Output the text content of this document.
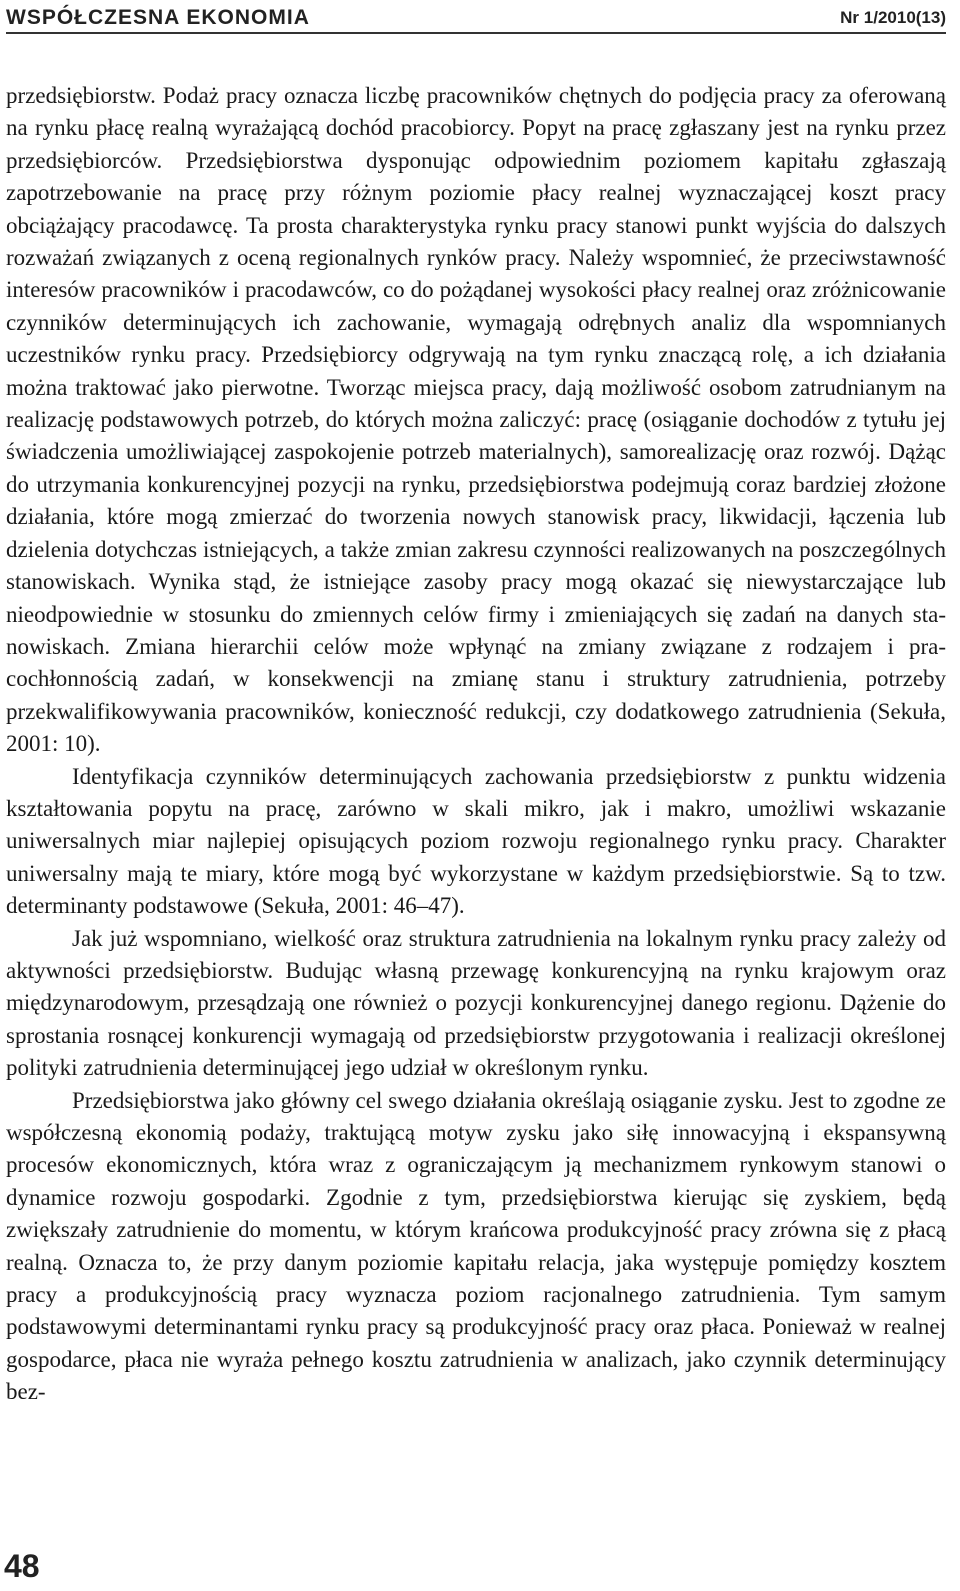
WSPÓŁCZESNA EKONOMIA	Nr 1/2010(13)

przedsiębiorstw. Podaż pracy oznacza liczbę pracowników chętnych do podjęcia pracy za oferowaną na rynku płacę realną wyrażającą dochód pracobiorcy. Popyt na pracę zgłaszany jest na rynku przez przedsiębiorców. Przedsiębiorstwa dysponując odpowiednim poziomem kapitału zgłaszają zapotrzebowanie na pracę przy różnym poziomie płacy realnej wyznaczającej koszt pracy obciążający pracodawcę. Ta prosta charakterystyka rynku pracy stanowi punkt wyjścia do dalszych rozważań związanych z oceną regionalnych rynków pracy. Należy wspomnieć, że przeciwstawność interesów pracowników i pracodawców, co do pożądanej wysokości płacy realnej oraz zróżnicowanie czynników determinujących ich zachowanie, wymagają odrębnych analiz dla wspomnianych uczestników rynku pracy. Przedsiębiorcy odgrywają na tym rynku znaczącą rolę, a ich działania można traktować jako pierwotne. Tworząc miejsca pracy, dają możliwość osobom zatrudnianym na realizację podstawowych potrzeb, do których można zaliczyć: pracę (osiąganie dochodów z tytułu jej świadczenia umożliwiającej zaspokojenie potrzeb materialnych), samorealizację oraz rozwój. Dążąc do utrzymania konkurencyjnej pozycji na rynku, przedsiębiorstwa podejmują coraz bardziej złożone działania, które mogą zmierzać do tworzenia nowych stanowisk pracy, likwidacji, łączenia lub dzielenia dotychczas istniejących, a także zmian zakresu czynności realizowanych na poszczególnych stanowiskach. Wynika stąd, że istniejące zasoby pracy mogą okazać się niewystarczające lub nieodpowiednie w stosunku do zmiennych celów firmy i zmieniających się zadań na danych stanowiskach. Zmiana hierarchii celów może wpłynąć na zmiany związane z rodzajem i pracochłonnością zadań, w konsekwencji na zmianę stanu i struktury zatrudnienia, potrzeby przekwalifikowywania pracowników, konieczność redukcji, czy dodatkowego zatrudnienia (Sekuła, 2001: 10).

Identyfikacja czynników determinujących zachowania przedsiębiorstw z punktu widzenia kształtowania popytu na pracę, zarówno w skali mikro, jak i makro, umożliwi wskazanie uniwersalnych miar najlepiej opisujących poziom rozwoju regionalnego rynku pracy. Charakter uniwersalny mają te miary, które mogą być wykorzystane w każdym przedsiębiorstwie. Są to tzw. determinanty podstawowe (Sekuła, 2001: 46–47).

Jak już wspomniano, wielkość oraz struktura zatrudnienia na lokalnym rynku pracy zależy od aktywności przedsiębiorstw. Budując własną przewagę konkurencyjną na rynku krajowym oraz międzynarodowym, przesądzają one również o pozycji konkurencyjnej danego regionu. Dążenie do sprostania rosnącej konkurencji wymagają od przedsiębiorstw przygotowania i realizacji określonej polityki zatrudnienia determinującej jego udział w określonym rynku.

Przedsiębiorstwa jako główny cel swego działania określają osiąganie zysku. Jest to zgodne ze współczesną ekonomią podaży, traktującą motyw zysku jako siłę innowacyjną i ekspansywną procesów ekonomicznych, która wraz z ograniczającym ją mechanizmem rynkowym stanowi o dynamice rozwoju gospodarki. Zgodnie z tym, przedsiębiorstwa kierując się zyskiem, będą zwiększały zatrudnienie do momentu, w którym krańcowa produkcyjność pracy zrówna się z płacą realną. Oznacza to, że przy danym poziomie kapitału relacja, jaka występuje pomiędzy kosztem pracy a produkcyjnością pracy wyznacza poziom racjonalnego zatrudnienia. Tym samym podstawowymi determinantami rynku pracy są produkcyjność pracy oraz płaca. Ponieważ w realnej gospodarce, płaca nie wyraża pełnego kosztu zatrudnienia w analizach, jako czynnik determinujący bez-

48
